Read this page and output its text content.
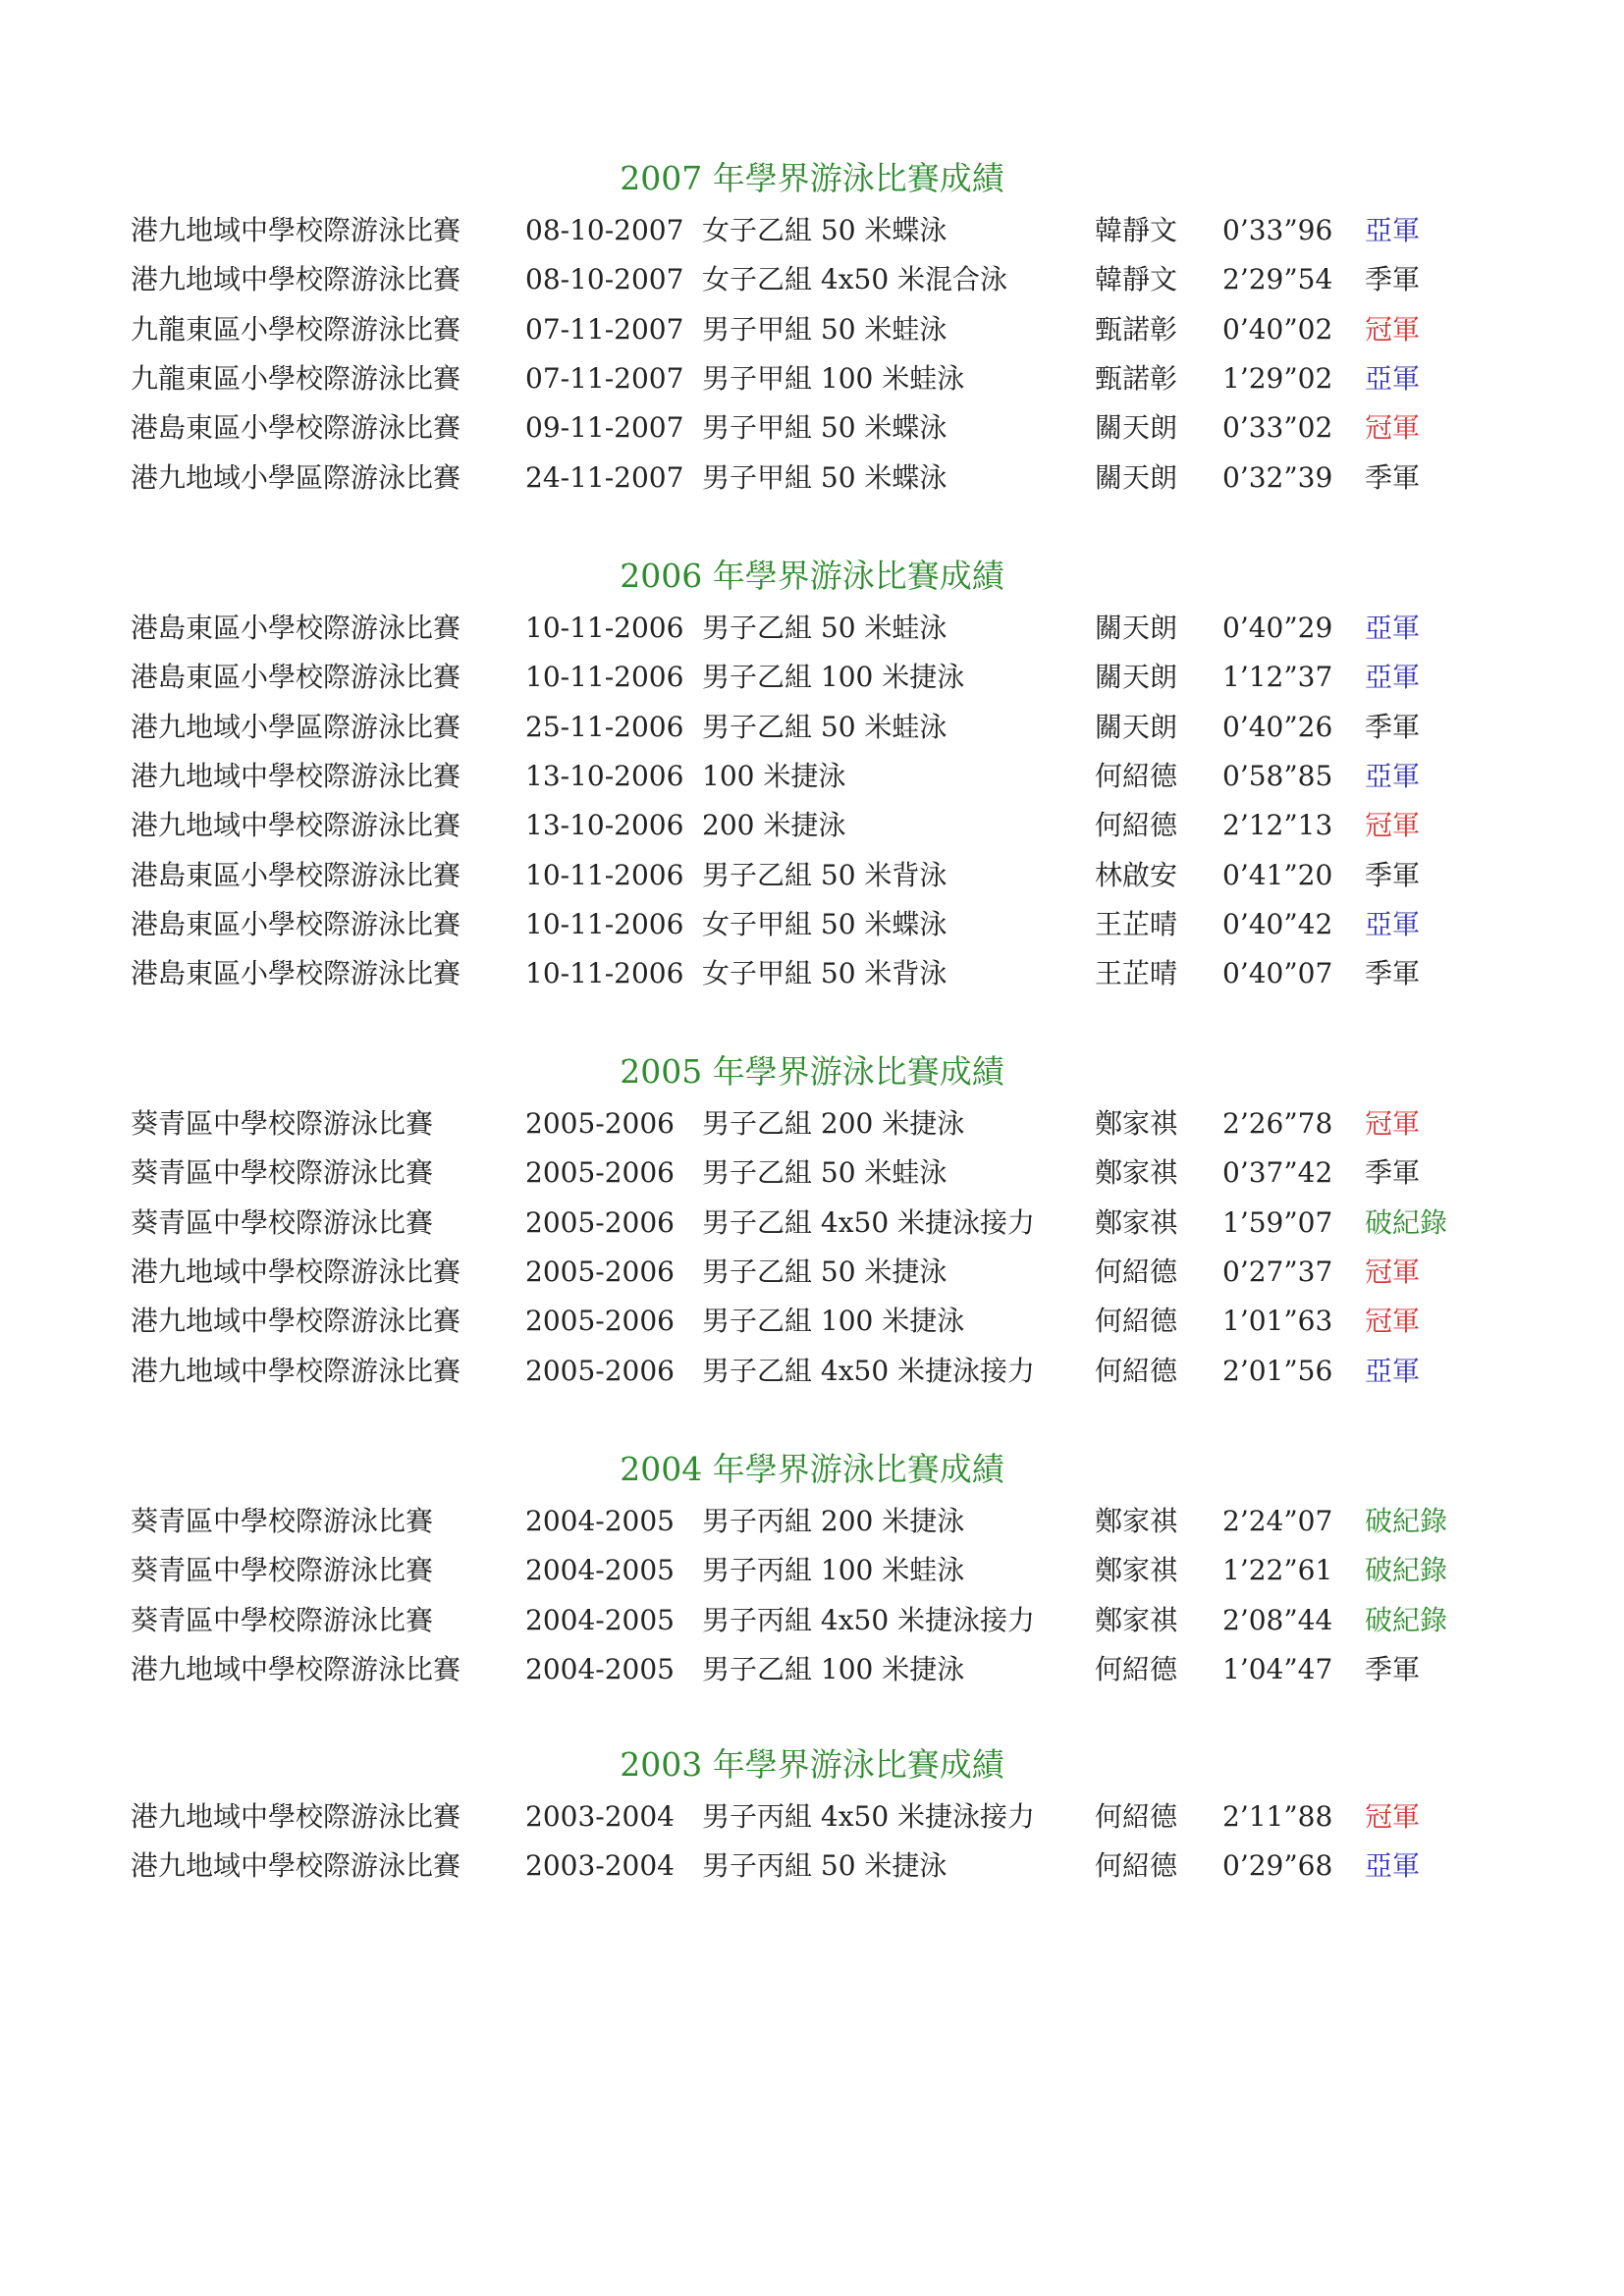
2007 年學界游泳比賽成績
港九地域中學校際游泳比賽 08-10-2007 女子乙組 50 米蝶泳	韓靜文 0’33”96 亞軍
港九地域中學校際游泳比賽 08-10-2007 女子乙組 4x50 米混合泳	韓靜文 2’29”54 季軍
九龍東區小學校際游泳比賽 07-11-2007 男子甲組 50 米蛙泳	甄諾彰 0’40”02 冠軍
九龍東區小學校際游泳比賽 07-11-2007 男子甲組 100 米蛙泳	甄諾彰 1’29”02 亞軍
港島東區小學校際游泳比賽 09-11-2007 男子甲組 50 米蝶泳	關天朗 0’33”02 冠軍
港九地域小學區際游泳比賽 24-11-2007 男子甲組 50 米蝶泳	關天朗 0’32”39 季軍
2006 年學界游泳比賽成績
港島東區小學校際游泳比賽 10-11-2006 男子乙組 50 米蛙泳	關天朗 0’40”29 亞軍
港島東區小學校際游泳比賽 10-11-2006 男子乙組 100 米捷泳	關天朗 1’12”37 亞軍
港九地域小學區際游泳比賽 25-11-2006 男子乙組 50 米蛙泳	關天朗 0’40”26 季軍
港九地域中學校際游泳比賽 13-10-2006 100 米捷泳	何紹德 0’58”85 亞軍
港九地域中學校際游泳比賽 13-10-2006 200 米捷泳	何紹德 2’12”13 冠軍
港島東區小學校際游泳比賽 10-11-2006 男子乙組 50 米背泳	林啟安 0’41”20 季軍
港島東區小學校際游泳比賽 10-11-2006 女子甲組 50 米蝶泳	王芷晴 0’40”42 亞軍
港島東區小學校際游泳比賽 10-11-2006 女子甲組 50 米背泳	王芷晴 0’40”07 季軍
2005 年學界游泳比賽成績
葵青區中學校際游泳比賽	2005-2006 男子乙組 200 米捷泳	鄭家祺 2’26”78 冠軍
葵青區中學校際游泳比賽	2005-2006 男子乙組 50 米蛙泳	鄭家祺 0’37”42 季軍
葵青區中學校際游泳比賽	2005-2006 男子乙組 4x50 米捷泳接力 鄭家祺 1’59”07 破紀錄
港九地域中學校際游泳比賽 2005-2006 男子乙組 50 米捷泳	何紹德 0’27”37 冠軍
港九地域中學校際游泳比賽 2005-2006 男子乙組 100 米捷泳	何紹德 1’01”63 冠軍
港九地域中學校際游泳比賽 2005-2006 男子乙組 4x50 米捷泳接力 何紹德 2’01”56 亞軍
2004 年學界游泳比賽成績
葵青區中學校際游泳比賽	2004-2005 男子丙組 200 米捷泳	鄭家祺 2’24”07 破紀錄
葵青區中學校際游泳比賽	2004-2005 男子丙組 100 米蛙泳	鄭家祺 1’22”61 破紀錄
葵青區中學校際游泳比賽	2004-2005 男子丙組 4x50 米捷泳接力 鄭家祺 2’08”44 破紀錄
港九地域中學校際游泳比賽 2004-2005 男子乙組 100 米捷泳	何紹德 1’04”47 季軍
2003 年學界游泳比賽成績
港九地域中學校際游泳比賽 2003-2004 男子丙組 4x50 米捷泳接力 何紹德 2’11”88 冠軍
港九地域中學校際游泳比賽 2003-2004 男子丙組 50 米捷泳	何紹德 0’29”68 亞軍
